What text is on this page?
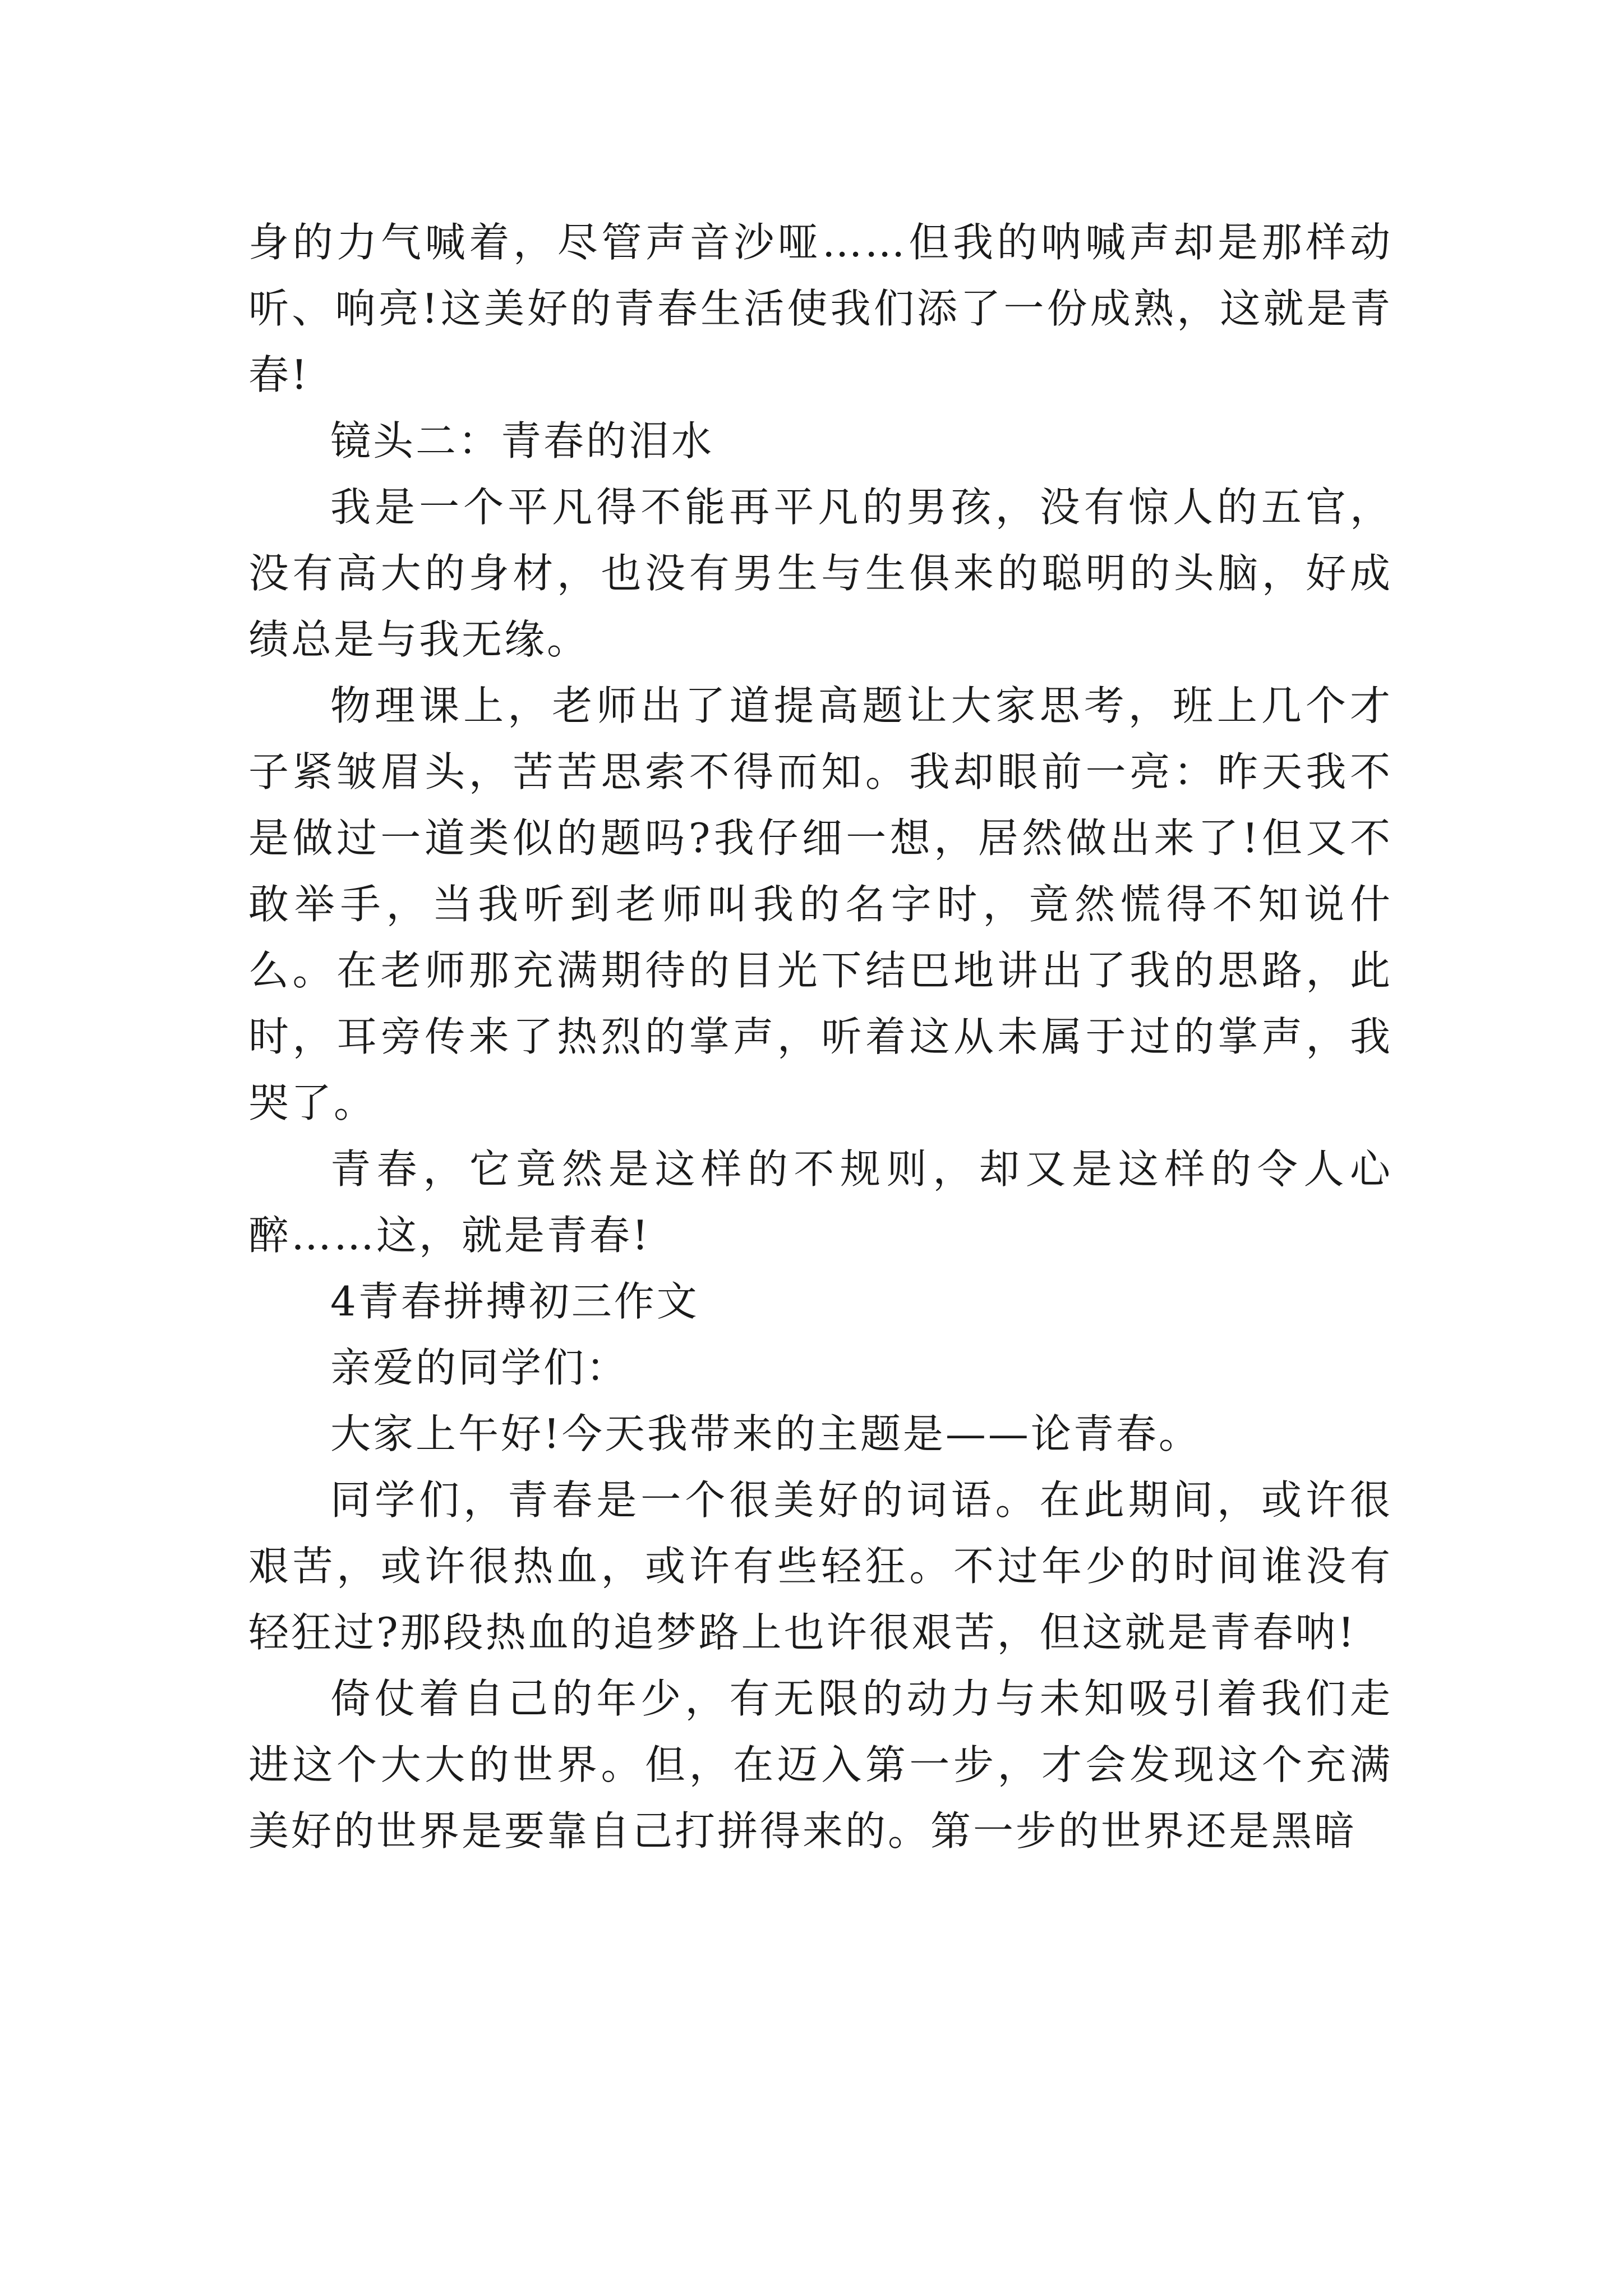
身的力气喊着，尽管声音沙哑……但我的呐喊声却是那样动听、响亮!这美好的青春生活使我们添了一份成熟，这就是青春!

镜头二：青春的泪水

我是一个平凡得不能再平凡的男孩，没有惊人的五官，没有高大的身材，也没有男生与生俱来的聪明的头脑，好成绩总是与我无缘。

物理课上，老师出了道提高题让大家思考，班上几个才子紧皱眉头，苦苦思索不得而知。我却眼前一亮：昨天我不是做过一道类似的题吗?我仔细一想，居然做出来了!但又不敢举手，当我听到老师叫我的名字时，竟然慌得不知说什么。在老师那充满期待的目光下结巴地讲出了我的思路，此时，耳旁传来了热烈的掌声，听着这从未属于过的掌声，我哭了。

青春，它竟然是这样的不规则，却又是这样的令人心醉……这，就是青春!

4青春拼搏初三作文

亲爱的同学们：

大家上午好!今天我带来的主题是——论青春。

同学们，青春是一个很美好的词语。在此期间，或许很艰苦，或许很热血，或许有些轻狂。不过年少的时间谁没有轻狂过?那段热血的追梦路上也许很艰苦，但这就是青春呐!

倚仗着自己的年少，有无限的动力与未知吸引着我们走进这个大大的世界。但，在迈入第一步，才会发现这个充满美好的世界是要靠自己打拼得来的。第一步的世界还是黑暗
